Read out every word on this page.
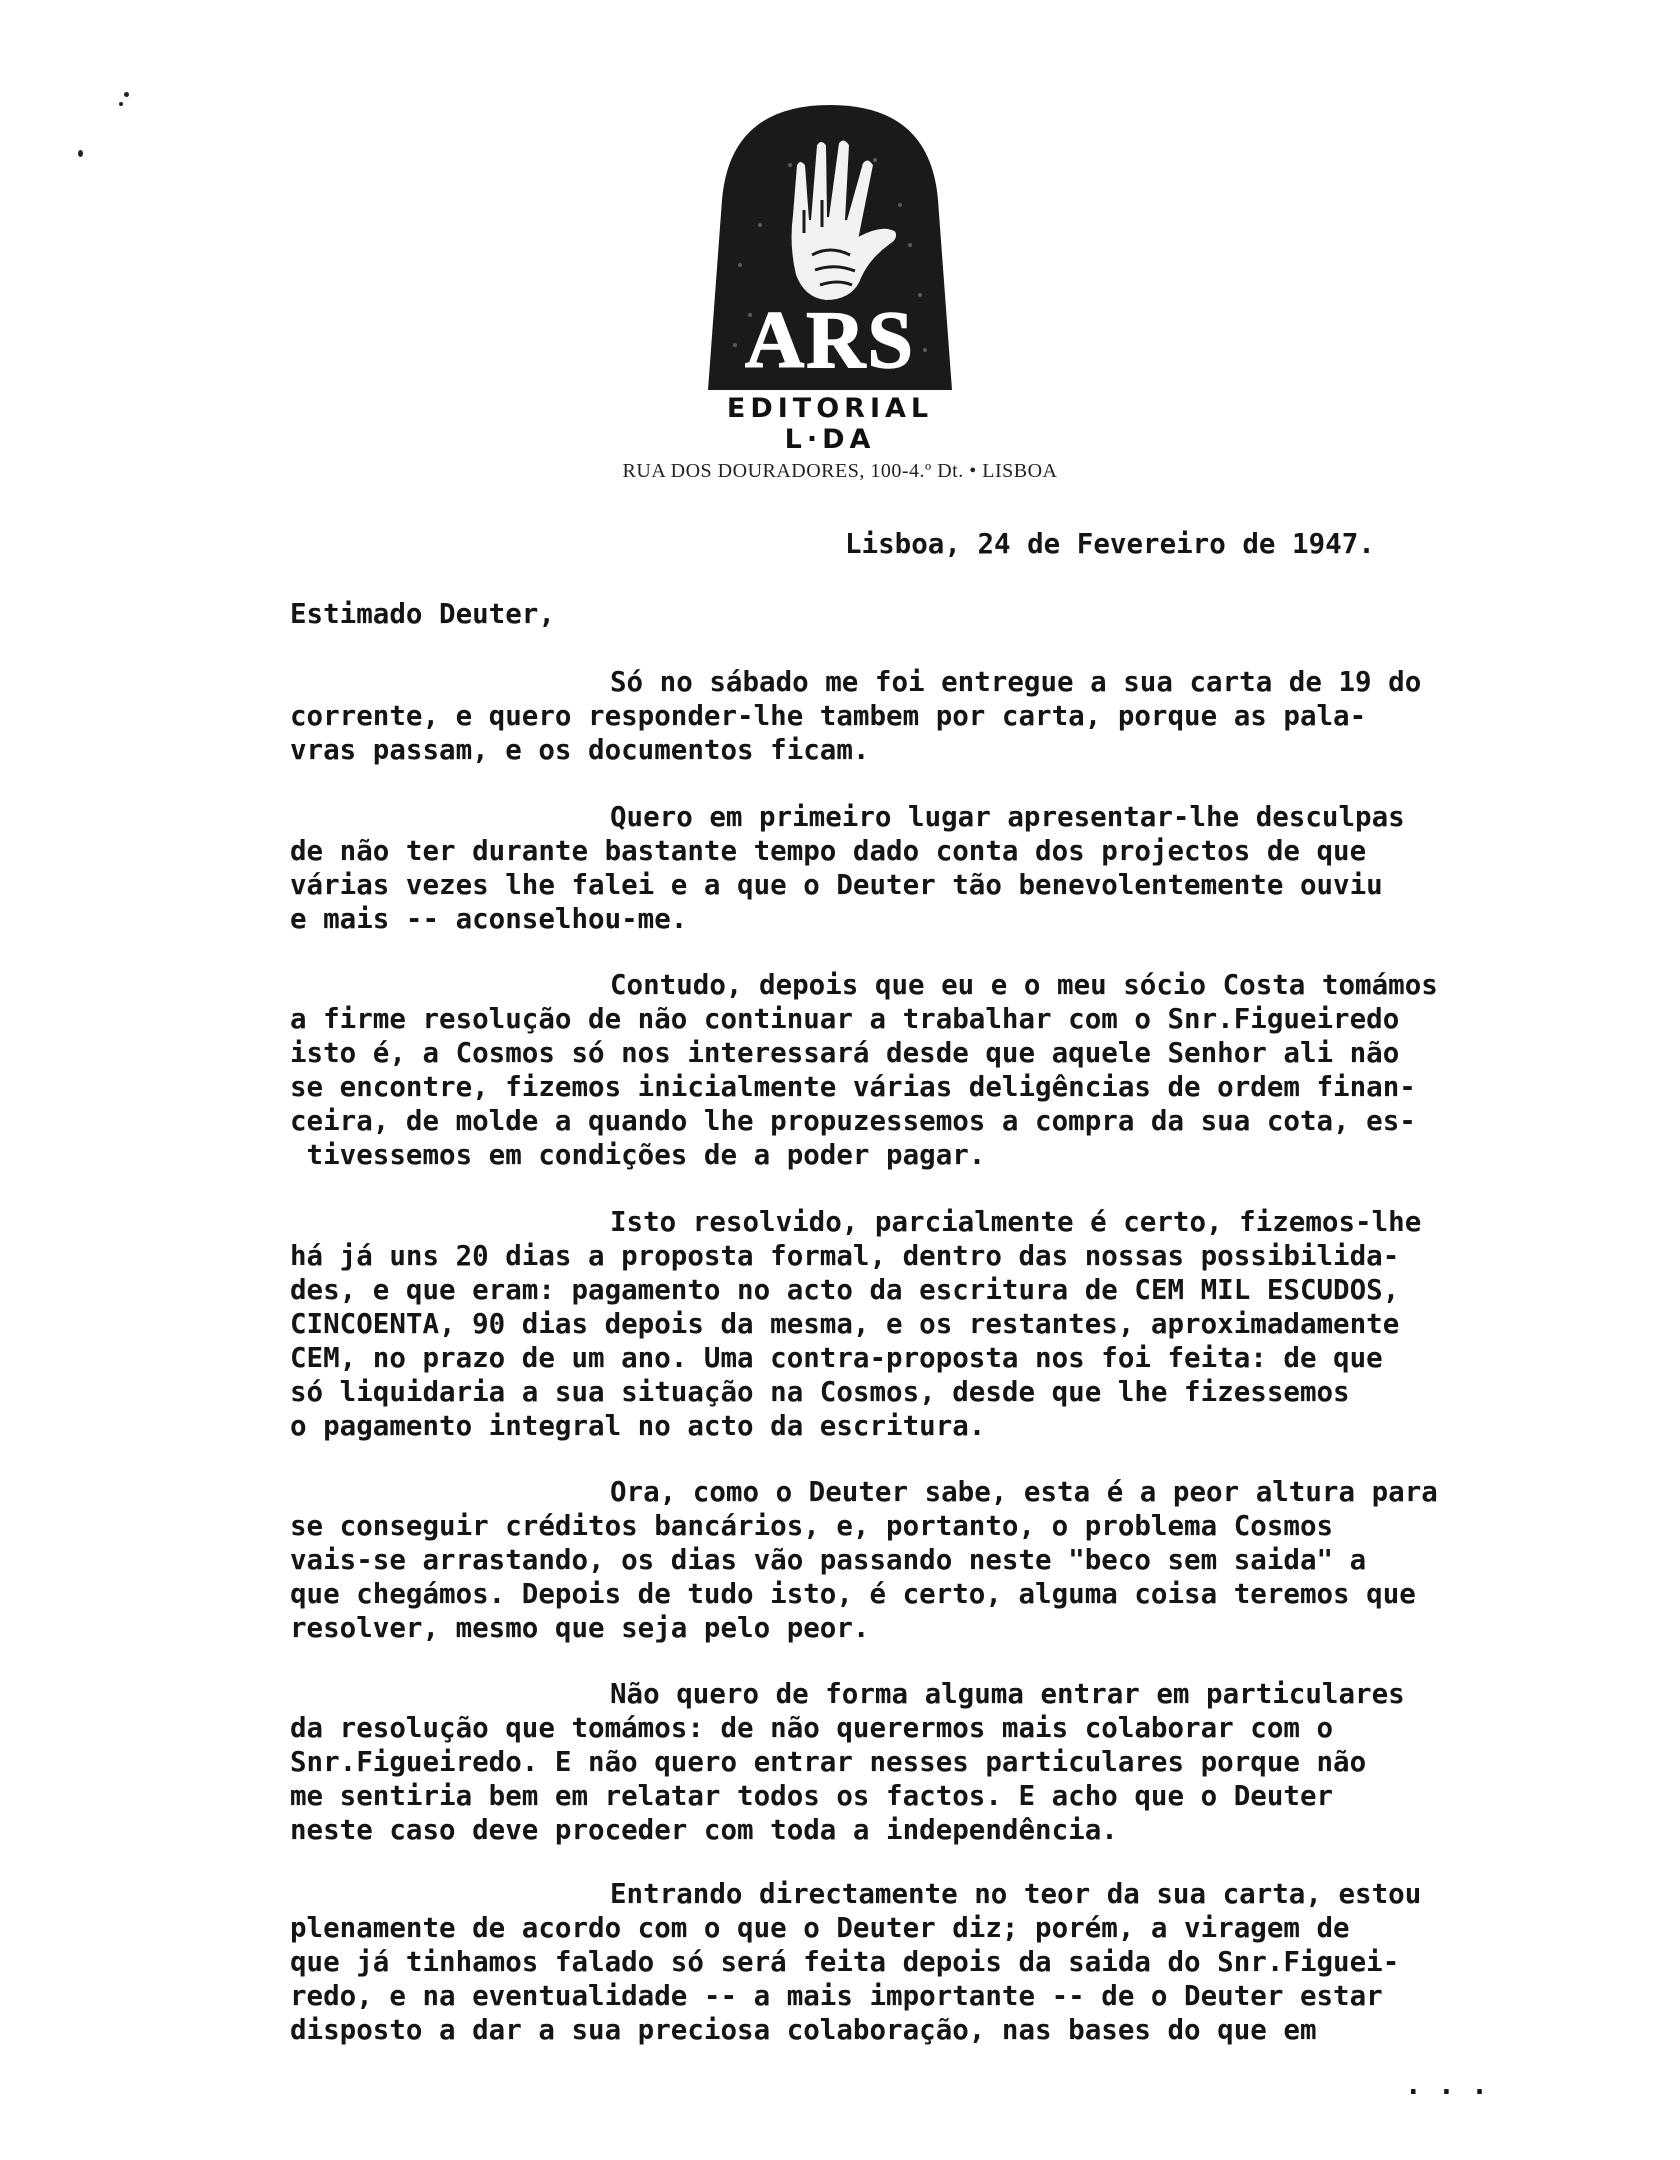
ARS
EDITORIAL L·DA
RUA DOS DOURADORES, 100-4.º Dt. • LISBOA
Lisboa, 24 de Fevereiro de 1947.
Estimado Deuter,
Só no sábado me foi entregue a sua carta de 19 do
corrente, e quero responder-lhe tambem por carta, porque as pala-
vras passam, e os documentos ficam.
Quero em primeiro lugar apresentar-lhe desculpas
de não ter durante bastante tempo dado conta dos projectos de que
várias vezes lhe falei e a que o Deuter tão benevolentemente ouviu
e mais -- aconselhou-me.
Contudo, depois que eu e o meu sócio Costa tomámos
a firme resolução de não continuar a trabalhar com o Snr.Figueiredo
isto é, a Cosmos só nos interessará desde que aquele Senhor ali não
se encontre, fizemos inicialmente várias deligências de ordem finan-
ceira, de molde a quando lhe propuzessemos a compra da sua cota, es-
tivessemos em condições de a poder pagar.
Isto resolvido, parcialmente é certo, fizemos-lhe
há já uns 20 dias a proposta formal, dentro das nossas possibilida-
des, e que eram: pagamento no acto da escritura de CEM MIL ESCUDOS,
CINCOENTA, 90 dias depois da mesma, e os restantes, aproximadamente
CEM, no prazo de um ano. Uma contra-proposta nos foi feita: de que
só liquidaria a sua situação na Cosmos, desde que lhe fizessemos
o pagamento integral no acto da escritura.
Ora, como o Deuter sabe, esta é a peor altura para
se conseguir créditos bancários, e, portanto, o problema Cosmos
vais-se arrastando, os dias vão passando neste "beco sem saida" a
que chegámos. Depois de tudo isto, é certo, alguma coisa teremos que
resolver, mesmo que seja pelo peor.
Não quero de forma alguma entrar em particulares
da resolução que tomámos: de não querermos mais colaborar com o
Snr.Figueiredo. E não quero entrar nesses particulares porque não
me sentiria bem em relatar todos os factos. E acho que o Deuter
neste caso deve proceder com toda a independência.
Entrando directamente no teor da sua carta, estou
plenamente de acordo com o que o Deuter diz; porém, a viragem de
que já tinhamos falado só será feita depois da saida do Snr.Figuei-
redo, e na eventualidade -- a mais importante -- de o Deuter estar
disposto a dar a sua preciosa colaboração, nas bases do que em
. . .
